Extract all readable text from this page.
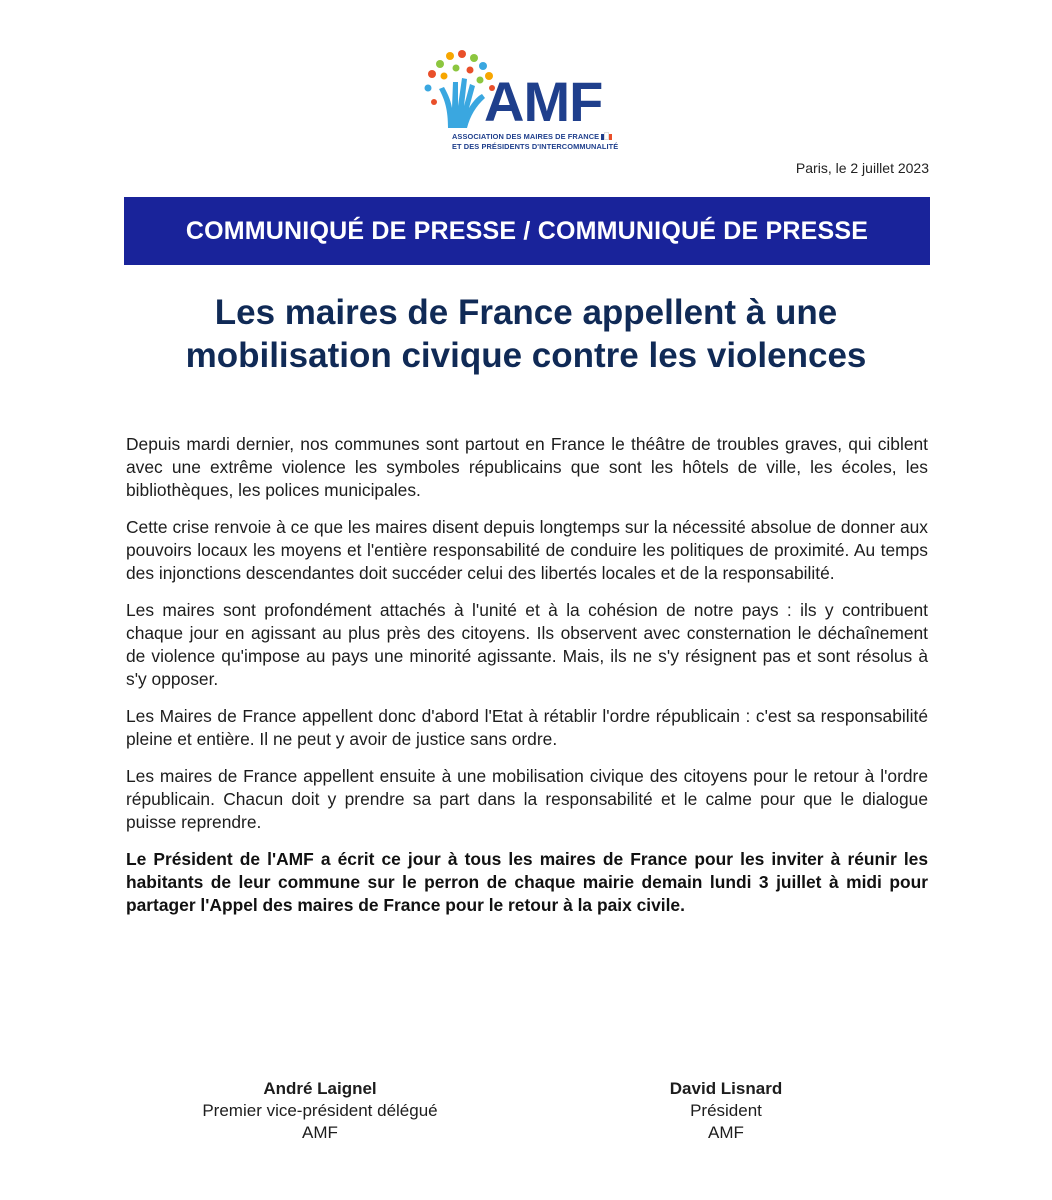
AMF
ASSOCIATION DES MAIRES DE FRANCE
ET DES PRÉSIDENTS D'INTERCOMMUNALITÉ
Paris, le 2 juillet 2023
COMMUNIQUÉ DE PRESSE / COMMUNIQUÉ DE PRESSE
Les maires de France appellent à une
mobilisation civique contre les violences

Depuis mardi dernier, nos communes sont partout en France le théâtre de troubles graves, qui ciblent avec une extrême violence les symboles républicains que sont les hôtels de ville, les écoles, les bibliothèques, les polices municipales.

Cette crise renvoie à ce que les maires disent depuis longtemps sur la nécessité absolue de donner aux pouvoirs locaux les moyens et l'entière responsabilité de conduire les politiques de proximité. Au temps des injonctions descendantes doit succéder celui des libertés locales et de la responsabilité.

Les maires sont profondément attachés à l'unité et à la cohésion de notre pays : ils y contribuent chaque jour en agissant au plus près des citoyens. Ils observent avec consternation le déchaînement de violence qu'impose au pays une minorité agissante. Mais, ils ne s'y résignent pas et sont résolus à s'y opposer.

Les Maires de France appellent donc d'abord l'Etat à rétablir l'ordre républicain : c'est sa responsabilité pleine et entière. Il ne peut y avoir de justice sans ordre.

Les maires de France appellent ensuite à une mobilisation civique des citoyens pour le retour à l'ordre républicain. Chacun doit y prendre sa part dans la responsabilité et le calme pour que le dialogue puisse reprendre.

Le Président de l'AMF a écrit ce jour à tous les maires de France pour les inviter à réunir les habitants de leur commune sur le perron de chaque mairie demain lundi 3 juillet à midi pour partager l'Appel des maires de France pour le retour à la paix civile.

André Laignel
Premier vice-président délégué
AMF
David Lisnard
Président
AMF
